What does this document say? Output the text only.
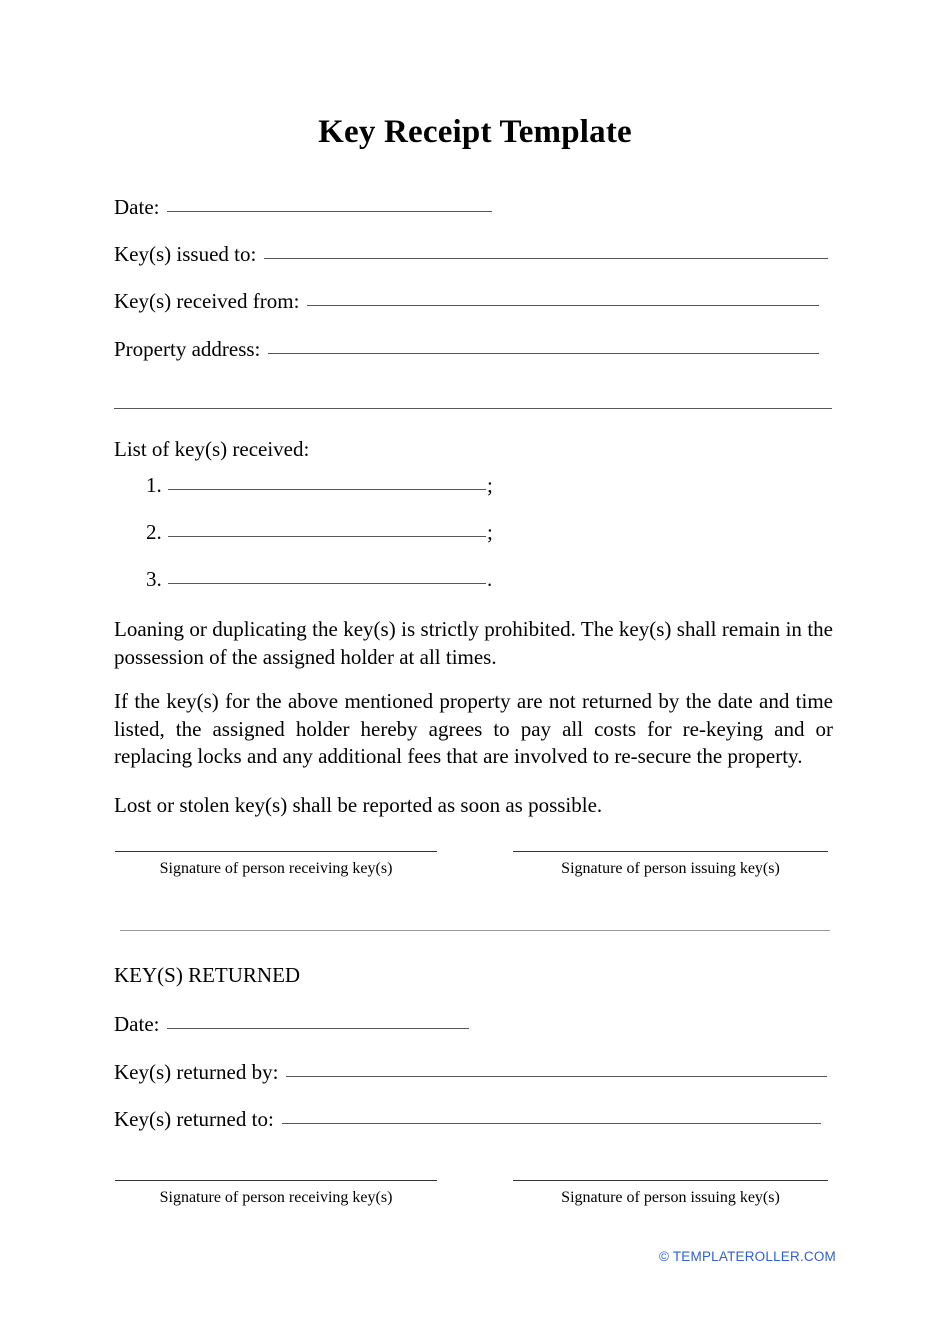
Key Receipt Template
Date:
Key(s) issued to:
Key(s) received from:
Property address:
List of key(s) received:
1.	;
2.	;
3.	.
Loaning or duplicating the key(s) is strictly prohibited. The key(s) shall remain in the possession of the assigned holder at all times.
If the key(s) for the above mentioned property are not returned by the date and time listed, the assigned holder hereby agrees to pay all costs for re-keying and or replacing locks and any additional fees that are involved to re-secure the property.
Lost or stolen key(s) shall be reported as soon as possible.
Signature of person receiving key(s)	Signature of person issuing key(s)
KEY(S) RETURNED
Date:
Key(s) returned by:
Key(s) returned to:
Signature of person receiving key(s)	Signature of person issuing key(s)
© TEMPLATEROLLER.COM
